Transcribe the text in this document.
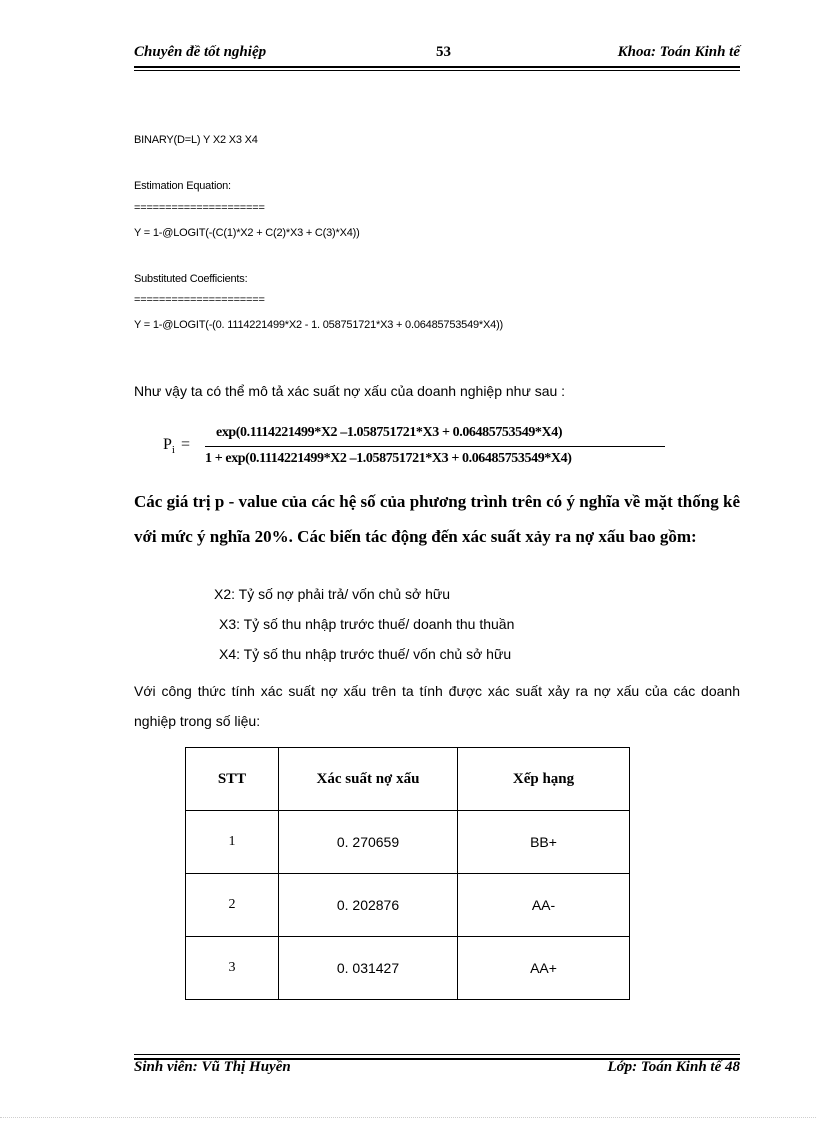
Chuyên đề tốt nghiệp	53	Khoa: Toán Kinh tế
BINARY(D=L) Y X2 X3 X4
Estimation Equation:
=====================
Y = 1-@LOGIT(-(C(1)*X2 + C(2)*X3 + C(3)*X4))
Substituted Coefficients:
=====================
Y = 1-@LOGIT(-(0. 1114221499*X2 - 1. 058751721*X3 + 0.06485753549*X4))
Như vậy ta có thể mô tả xác suất nợ xấu của doanh nghiệp như sau :
$P_i$ =
exp(0.1114221499*X2 –1.058751721*X3 + 0.06485753549*X4)
1 + exp(0.1114221499*X2 –1.058751721*X3 + 0.06485753549*X4)
Các giá trị p - value của các hệ số của phương trình trên có ý nghĩa về mặt thống kê với mức ý nghĩa 20%. Các biến tác động đến xác suất xảy ra nợ xấu bao gồm:
X2: Tỷ số nợ phải trả/ vốn chủ sở hữu
X3: Tỷ số thu nhập trước thuế/ doanh thu thuần
X4: Tỷ số thu nhập trước thuế/ vốn chủ sở hữu
Với công thức tính xác suất nợ xấu trên ta tính được xác suất xảy ra nợ xấu của các doanh nghiệp trong số liệu:
STT	Xác suất nợ xấu	Xếp hạng
1	0. 270659	BB+
2	0. 202876	AA-
3	0. 031427	AA+
Sinh viên: Vũ Thị Huyền	Lớp: Toán Kinh tế 48
